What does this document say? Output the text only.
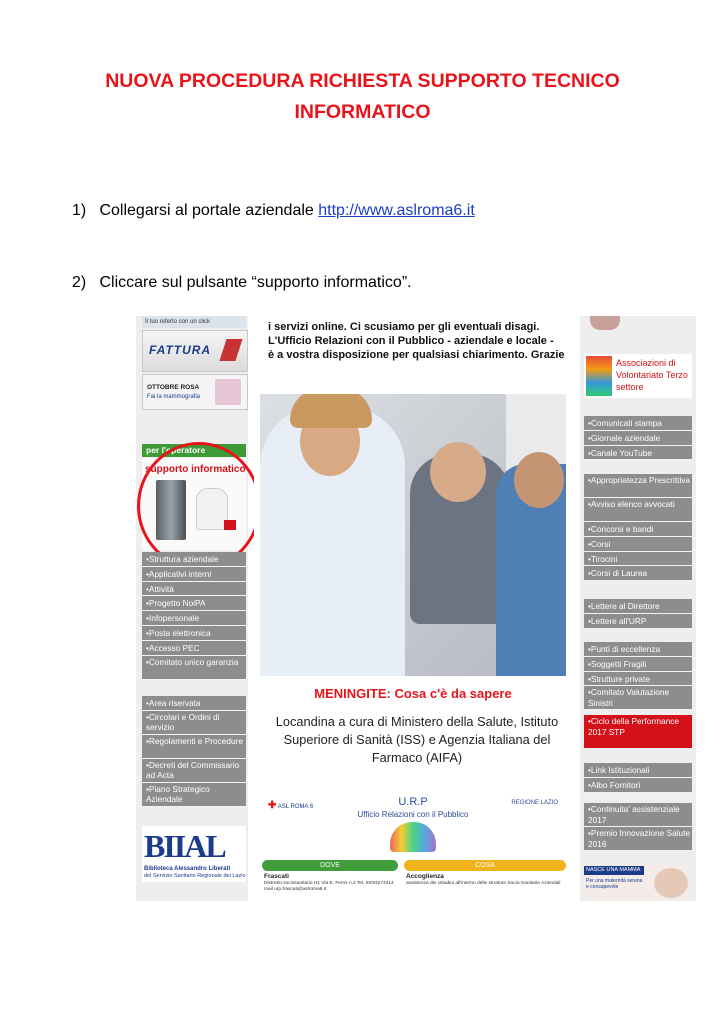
NUOVA PROCEDURA RICHIESTA SUPPORTO TECNICO
INFORMATICO
1) Collegarsi al portale aziendale http://www.aslroma6.it
2) Cliccare sul pulsante “supporto informatico”.
Il tuo referto con un click
FATTURA
OTTOBRE ROSA
Fai la mammografia
per l'operatore
supporto informatico
• Struttura aziendale
• Applicativi interni
• Attività
• Progetto NoiPA
• Infopersonale
• Posta elettronica
• Accesso PEC
• Comitato unico garanzia
• Area riservata
• Circolari e Ordini di servizio
• Regolamenti e Procedure
• Decreti del Commissario ad Acta
• Piano Strategico Aziendale
BIIAL
Biblioteca Alessandro Liberati
del Servizio Sanitario Regionale del Lazio
i servizi online. Ci scusiamo per gli eventuali disagi.
L'Ufficio Relazioni con il Pubblico - aziendale e locale -
è a vostra disposizione per qualsiasi chiarimento. Grazie
MENINGITE: Cosa c'è da sapere
Locandina a cura di Ministero della Salute, Istituto Superiore di Sanità (ISS) e Agenzia Italiana del Farmaco (AIFA)
✚ ASL ROMA 6	U.R.P
Ufficio Relazioni con il Pubblico
REGIONE LAZIO
DOVE	COSA
Frascati
Distretto sociosanitario H1 Via E. Fermi n.2 Tel. 06/93274314 mail urp.frascati@aslroma6.it
Accoglienza
assistenza dei cittadini all'interno delle strutture Socio-Sanitarie Aziendali
Associazioni di Volontariato Terzo settore
• Comunicati stampa
• Giornale aziendale
• Canale YouTube
• Appropriatezza Prescrittiva
• Avviso elenco avvocati
• Concorsi e bandi
• Corsi
• Tirocini
• Corsi di Laurea
• Lettere al Direttore
• Lettere all'URP
• Punti di eccellenza
• Soggetti Fragili
• Strutture private
• Comitato Valutazione Sinistri
• Ciclo della Performance 2017 STP
• Link Istituzionali
• Albo Fornitori
• Continuita' assistenziale 2017
• Premio Innovazione Salute 2016
NASCE UNA MAMMA
Per una maternità serena e consapevole
